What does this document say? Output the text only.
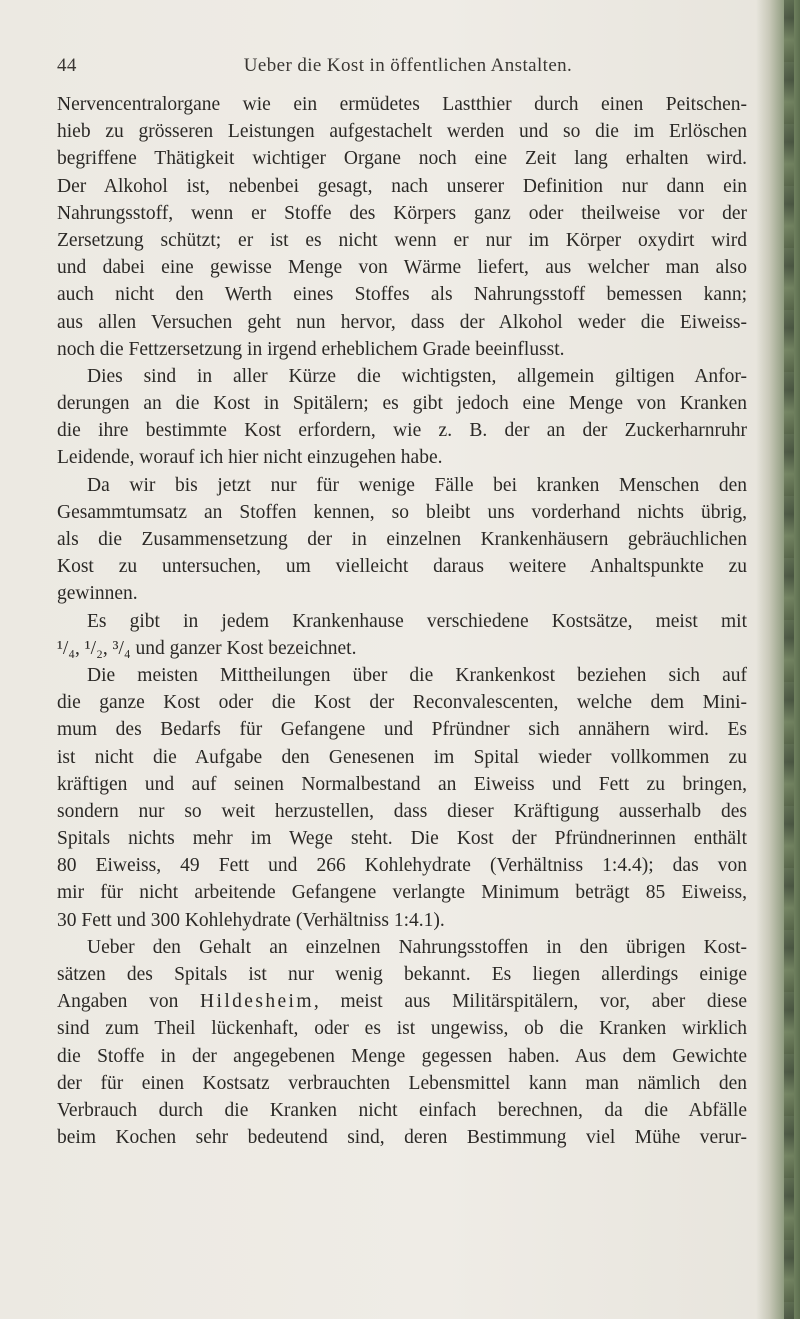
44	Ueber die Kost in öffentlichen Anstalten.
Nervencentralorgane wie ein ermüdetes Lastthier durch einen Peitschen-
hieb zu grösseren Leistungen aufgestachelt werden und so die im Erlöschen
begriffene Thätigkeit wichtiger Organe noch eine Zeit lang erhalten wird.
Der Alkohol ist, nebenbei gesagt, nach unserer Definition nur dann ein
Nahrungsstoff, wenn er Stoffe des Körpers ganz oder theilweise vor der
Zersetzung schützt; er ist es nicht wenn er nur im Körper oxydirt wird
und dabei eine gewisse Menge von Wärme liefert, aus welcher man also
auch nicht den Werth eines Stoffes als Nahrungsstoff bemessen kann;
aus allen Versuchen geht nun hervor, dass der Alkohol weder die Eiweiss-
noch die Fettzersetzung in irgend erheblichem Grade beeinflusst.
Dies sind in aller Kürze die wichtigsten, allgemein giltigen Anfor-
derungen an die Kost in Spitälern; es gibt jedoch eine Menge von Kranken
die ihre bestimmte Kost erfordern, wie z. B. der an der Zuckerharnruhr
Leidende, worauf ich hier nicht einzugehen habe.
Da wir bis jetzt nur für wenige Fälle bei kranken Menschen den
Gesammtumsatz an Stoffen kennen, so bleibt uns vorderhand nichts übrig,
als die Zusammensetzung der in einzelnen Krankenhäusern gebräuchlichen
Kost zu untersuchen, um vielleicht daraus weitere Anhaltspunkte zu
gewinnen.
Es gibt in jedem Krankenhause verschiedene Kostsätze, meist mit
¹/₄, ¹/₂, ³/₄ und ganzer Kost bezeichnet.
Die meisten Mittheilungen über die Krankenkost beziehen sich auf
die ganze Kost oder die Kost der Reconvalescenten, welche dem Mini-
mum des Bedarfs für Gefangene und Pfründner sich annähern wird. Es
ist nicht die Aufgabe den Genesenen im Spital wieder vollkommen zu
kräftigen und auf seinen Normalbestand an Eiweiss und Fett zu bringen,
sondern nur so weit herzustellen, dass dieser Kräftigung ausserhalb des
Spitals nichts mehr im Wege steht. Die Kost der Pfründnerinnen enthält
80 Eiweiss, 49 Fett und 266 Kohlehydrate (Verhältniss 1:4.4); das von
mir für nicht arbeitende Gefangene verlangte Minimum beträgt 85 Eiweiss,
30 Fett und 300 Kohlehydrate (Verhältniss 1:4.1).
Ueber den Gehalt an einzelnen Nahrungsstoffen in den übrigen Kost-
sätzen des Spitals ist nur wenig bekannt. Es liegen allerdings einige
Angaben von Hildesheim, meist aus Militärspitälern, vor, aber diese
sind zum Theil lückenhaft, oder es ist ungewiss, ob die Kranken wirklich
die Stoffe in der angegebenen Menge gegessen haben. Aus dem Gewichte
der für einen Kostsatz verbrauchten Lebensmittel kann man nämlich den
Verbrauch durch die Kranken nicht einfach berechnen, da die Abfälle
beim Kochen sehr bedeutend sind, deren Bestimmung viel Mühe verur-
